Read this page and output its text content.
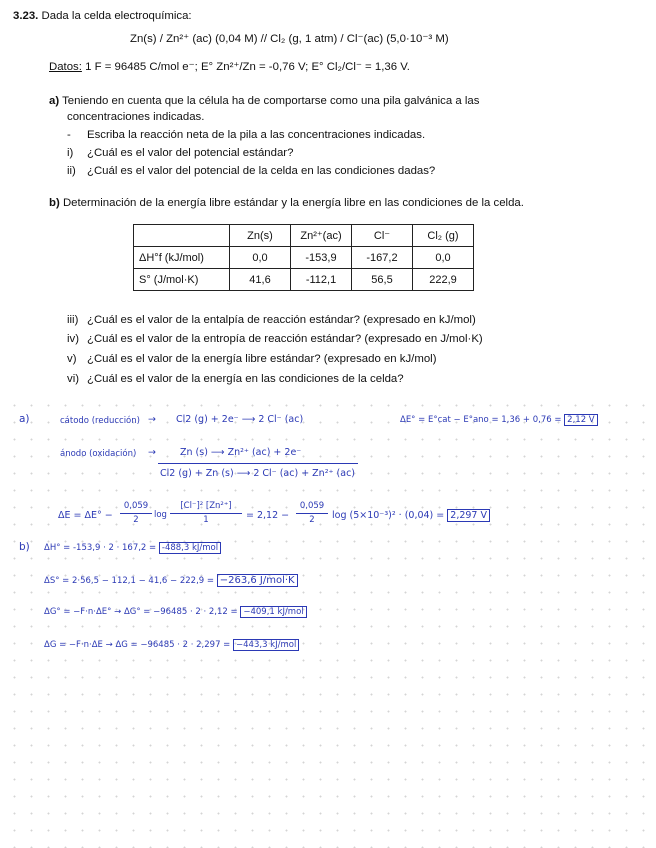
3.23. Dada la celda electroquímica:
Zn(s) / Zn²⁺ (ac) (0,04 M) // Cl₂ (g, 1 atm) / Cl⁻(ac) (5,0·10⁻³ M)
Datos: 1 F = 96485 C/mol e⁻; E° Zn²⁺/Zn = -0,76 V; E° Cl₂/Cl⁻ = 1,36 V.
a) Teniendo en cuenta que la célula ha de comportarse como una pila galvánica a las
concentraciones indicadas.
- Escriba la reacción neta de la pila a las concentraciones indicadas.
i) ¿Cuál es el valor del potencial estándar?
ii) ¿Cuál es el valor del potencial de la celda en las condiciones dadas?
b) Determinación de la energía libre estándar y la energía libre en las condiciones de la celda.
	Zn(s)	Zn²⁺(ac)	Cl⁻	Cl₂ (g)
ΔH°f (kJ/mol)	0,0	-153,9	-167,2	0,0
S° (J/mol·K)	41,6	-112,1	56,5	222,9
iii) ¿Cuál es el valor de la entalpía de reacción estándar? (expresado en kJ/mol)
iv) ¿Cuál es el valor de la entropía de reacción estándar? (expresado en J/mol·K)
v) ¿Cuál es el valor de la energía libre estándar? (expresado en kJ/mol)
vi) ¿Cuál es el valor de la energía en las condiciones de la celda?
a)	cátodo (reducción) → Cl2 (g) + 2e⁻ ⟶ 2 Cl⁻ (ac)	ΔE° = E°cat − E°ano = 1,36 + 0,76 = 2,12 V
ánodo (oxidación) →	Zn (s) ⟶ Zn²⁺ (ac) + 2e⁻
Cl2 (g) + Zn (s) ⟶ 2 Cl⁻ (ac) + Zn²⁺ (ac)
ΔE = ΔE° −
0,059
2	log
[Cl⁻]² [Zn²⁺]
1	= 2,12 −
0,059
2	log (5×10⁻³)² · (0,04) = 2,297 V
b) ΔH° = -153,9 · 2 · 167,2 = -488,3 kJ/mol
ΔS° = 2·56,5 − 112,1 − 41,6 − 222,9 = −263,6 J/mol·K
ΔG° = −F·n·ΔE° → ΔG° = −96485 · 2 · 2,12 = −409,1 kJ/mol
ΔG = −F·n·ΔE → ΔG = −96485 · 2 · 2,297 = −443,3 kJ/mol
